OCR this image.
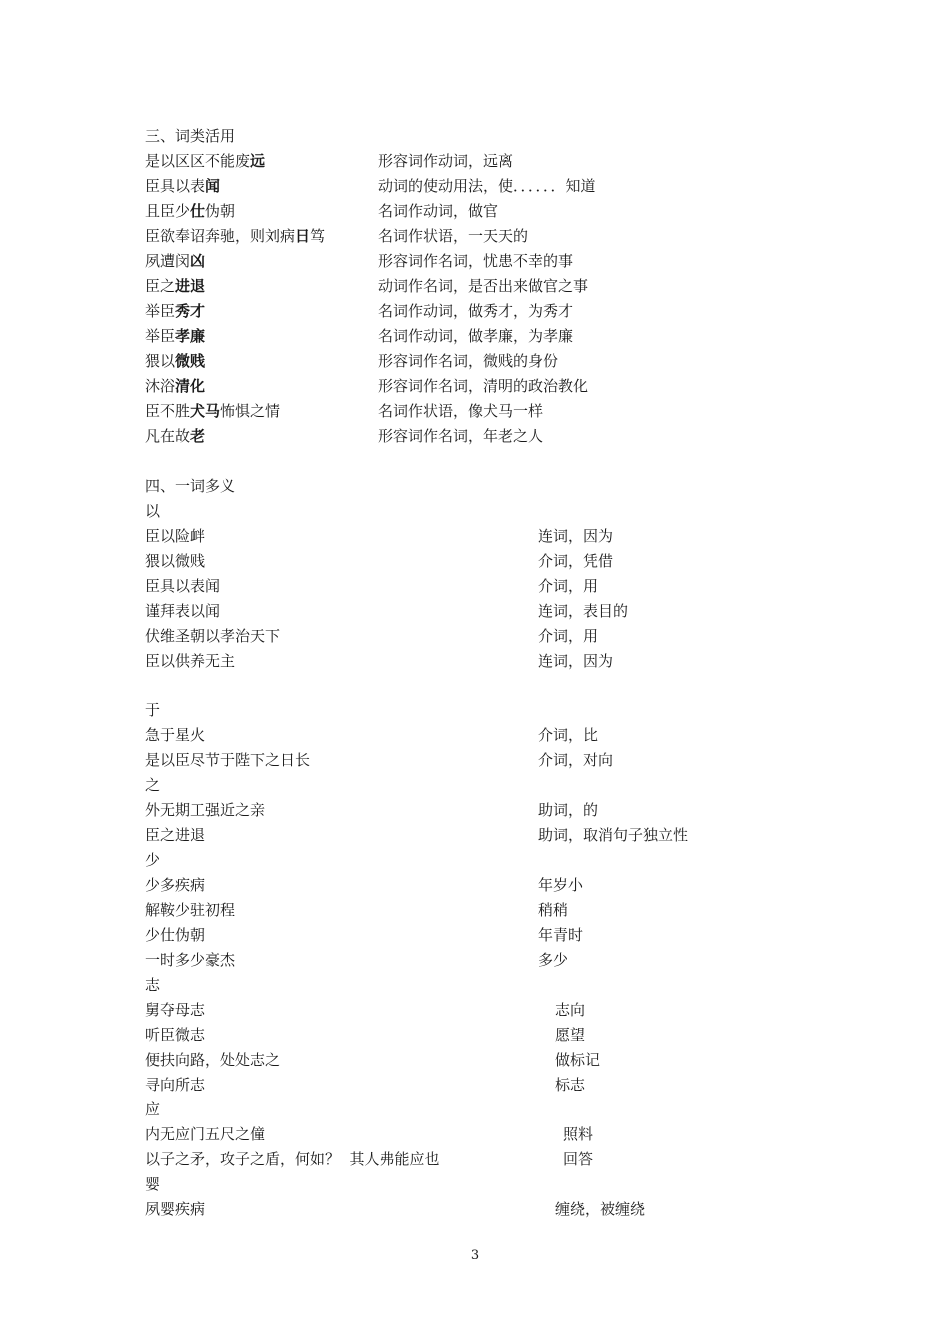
三、词类活用
是以区区不能废远	形容词作动词，远离
臣具以表闻	动词的使动用法，使．．．．．．知道
且臣少仕伪朝	名词作动词，做官
臣欲奉诏奔驰，则刘病日笃	名词作状语，一天天的
夙遭闵凶	形容词作名词，忧患不幸的事
臣之进退	动词作名词，是否出来做官之事
举臣秀才	名词作动词，做秀才，为秀才
举臣孝廉	名词作动词，做孝廉，为孝廉
猥以微贱	形容词作名词，微贱的身份
沐浴清化	形容词作名词，清明的政治教化
臣不胜犬马怖惧之情	名词作状语，像犬马一样
凡在故老	形容词作名词，年老之人
四、一词多义
以
臣以险衅	连词，因为
猥以微贱	介词，凭借
臣具以表闻	介词，用
谨拜表以闻	连词，表目的
伏维圣朝以孝治天下	介词，用
臣以供养无主	连词，因为
于
急于星火	介词，比
是以臣尽节于陛下之日长	介词，对向
之
外无期工强近之亲	助词，的
臣之进退	助词，取消句子独立性
少
少多疾病	年岁小
解鞍少驻初程	稍稍
少仕伪朝	年青时
一时多少豪杰	多少
志
舅夺母志	志向
听臣微志	愿望
便扶向路，处处志之	做标记
寻向所志	标志
应
内无应门五尺之僮	照料
以子之矛，攻子之盾，何如？  其人弗能应也	回答
婴
夙婴疾病	缠绕，被缠绕
3
